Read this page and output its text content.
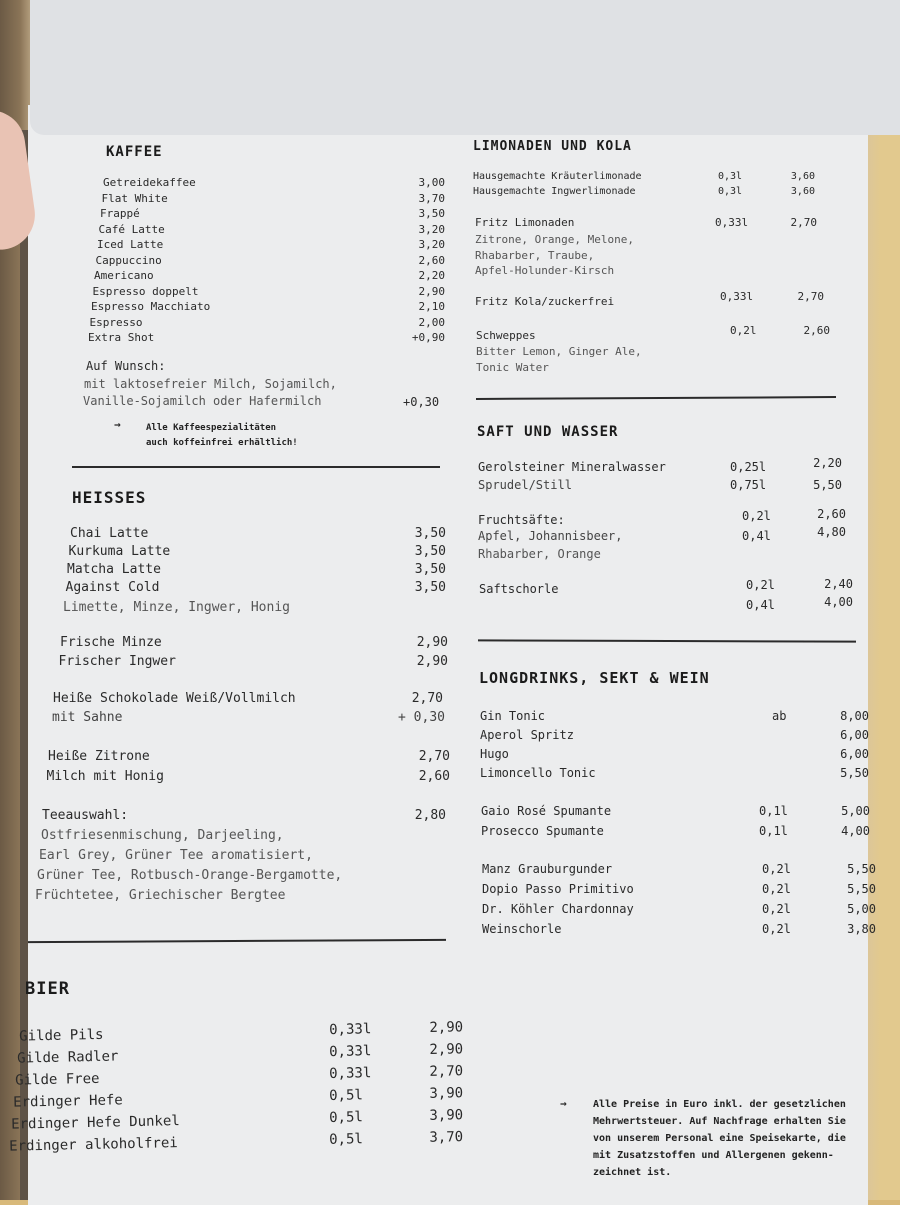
KAFFEE
Getreidekaffee	3,00
Flat White	3,70
Frappé	3,50
Café Latte	3,20
Iced Latte	3,20
Cappuccino	2,60
Americano	2,20
Espresso doppelt	2,90
Espresso Macchiato	2,10
Espresso	2,00
Extra Shot	+0,90
Auf Wunsch:
mit laktosefreier Milch, Sojamilch,
Vanille-Sojamilch oder Hafermilch	+0,30
→	Alle Kaffeespezialitäten
auch koffeinfrei erhältlich!
HEISSES
Chai Latte	3,50
Kurkuma Latte	3,50
Matcha Latte	3,50
Against Cold	3,50
Limette, Minze, Ingwer, Honig
Frische Minze	2,90
Frischer Ingwer	2,90
Heiße Schokolade Weiß/Vollmilch	2,70
mit Sahne	+ 0,30
Heiße Zitrone	2,70
Milch mit Honig	2,60
Teeauswahl:	2,80
Ostfriesenmischung, Darjeeling,
Earl Grey, Grüner Tee aromatisiert,
Grüner Tee, Rotbusch-Orange-Bergamotte,
Früchtetee, Griechischer Bergtee
BIER
Gilde Pils	0,33l	2,90
Gilde Radler	0,33l	2,90
Gilde Free	0,33l	2,70
Erdinger Hefe	0,5l	3,90
Erdinger Hefe Dunkel	0,5l	3,90
Erdinger alkoholfrei	0,5l	3,70
LIMONADEN UND KOLA
Hausgemachte Kräuterlimonade	0,3l	3,60
Hausgemachte Ingwerlimonade	0,3l	3,60
Fritz Limonaden	0,33l	2,70
Zitrone, Orange, Melone,
Rhabarber, Traube,
Apfel-Holunder-Kirsch
Fritz Kola/zuckerfrei	0,33l	2,70
Schweppes	0,2l	2,60
Bitter Lemon, Ginger Ale,
Tonic Water
SAFT UND WASSER
Gerolsteiner Mineralwasser	0,25l	2,20
Sprudel/Still	0,75l	5,50
Fruchtsäfte:	0,2l	2,60
Apfel, Johannisbeer,	0,4l	4,80
Rhabarber, Orange
Saftschorle	0,2l	2,40
0,4l	4,00
LONGDRINKS, SEKT & WEIN
Gin Tonic	ab	8,00
Aperol Spritz	6,00
Hugo	6,00
Limoncello Tonic	5,50
Gaio Rosé Spumante	0,1l	5,00
Prosecco Spumante	0,1l	4,00
Manz Grauburgunder	0,2l	5,50
Dopio Passo Primitivo	0,2l	5,50
Dr. Köhler Chardonnay	0,2l	5,00
Weinschorle	0,2l	3,80
→	Alle Preise in Euro inkl. der gesetzlichen
Mehrwertsteuer. Auf Nachfrage erhalten Sie
von unserem Personal eine Speisekarte, die
mit Zusatzstoffen und Allergenen gekenn-
zeichnet ist.
